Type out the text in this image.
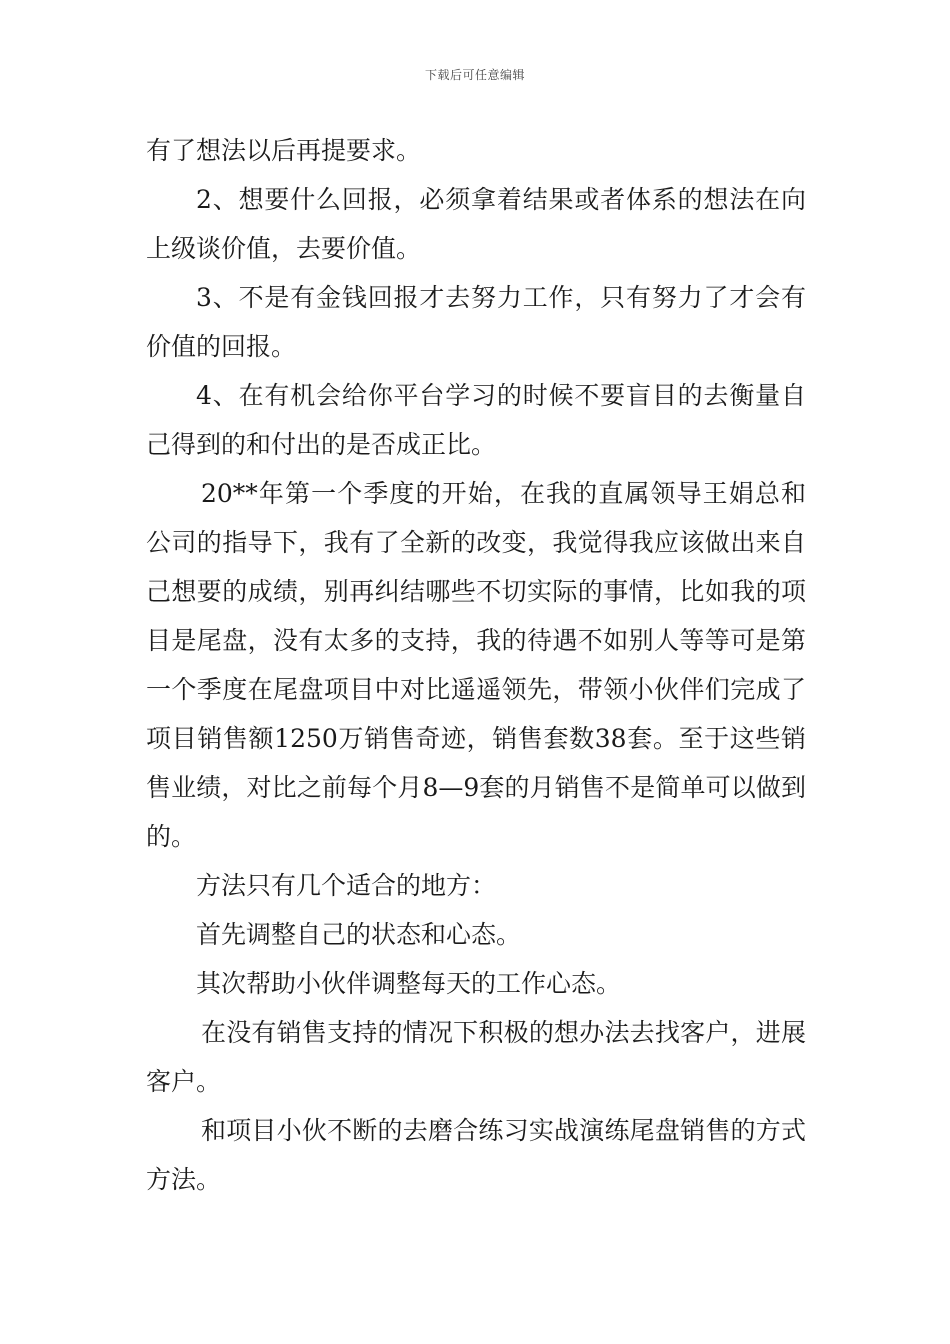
下载后可任意编辑

有了想法以后再提要求。

2、想要什么回报，必须拿着结果或者体系的想法在向上级谈价值，去要价值。

3、不是有金钱回报才去努力工作，只有努力了才会有价值的回报。

4、在有机会给你平台学习的时候不要盲目的去衡量自己得到的和付出的是否成正比。

20**年第一个季度的开始，在我的直属领导王娟总和公司的指导下，我有了全新的改变，我觉得我应该做出来自己想要的成绩，别再纠结哪些不切实际的事情，比如我的项目是尾盘，没有太多的支持，我的待遇不如别人等等可是第一个季度在尾盘项目中对比遥遥领先，带领小伙伴们完成了项目销售额1250万销售奇迹，销售套数38套。至于这些销售业绩，对比之前每个月8—9套的月销售不是简单可以做到的。

方法只有几个适合的地方：

首先调整自己的状态和心态。

其次帮助小伙伴调整每天的工作心态。

在没有销售支持的情况下积极的想办法去找客户，进展客户。

和项目小伙不断的去磨合练习实战演练尾盘销售的方式方法。
